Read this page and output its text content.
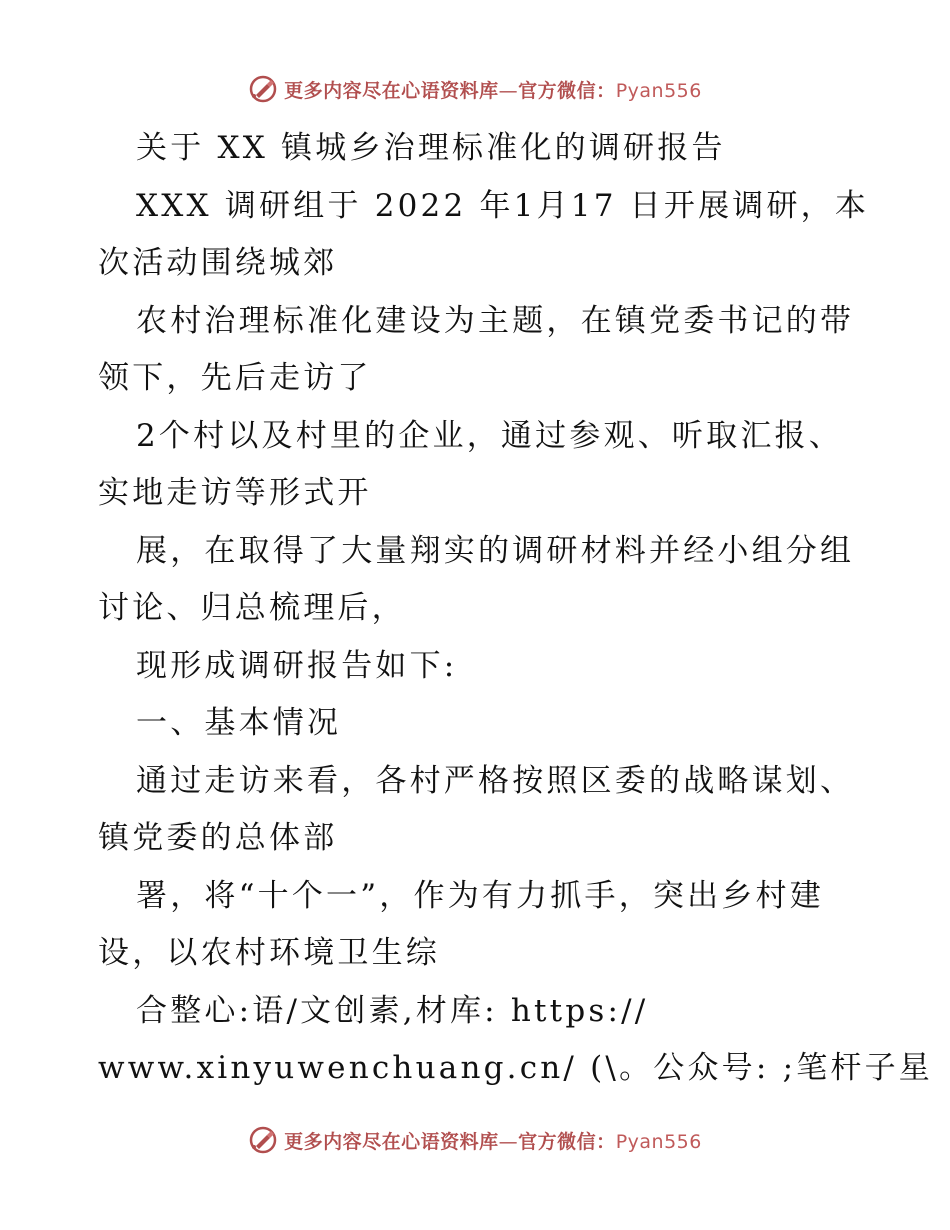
更多内容尽在心语资料库—官方微信：Pyan556
关于 XX 镇城乡治理标准化的调研报告
XXX 调研组于 2022 年1月17 日开展调研，本
次活动围绕城郊
农村治理标准化建设为主题，在镇党委书记的带
领下，先后走访了
2个村以及村里的企业，通过参观、听取汇报、
实地走访等形式开
展，在取得了大量翔实的调研材料并经小组分组
讨论、归总梳理后，
现形成调研报告如下:
一、基本情况
通过走访来看，各村严格按照区委的战略谋划、
镇党委的总体部
署，将“十个一”，作为有力抓手，突出乡村建
设，以农村环境卫生综
合整心:语/文创素,材库: https://
www.xinyuwenchuang.cn/ (\。公众号: ;笔杆子星
更多内容尽在心语资料库—官方微信：Pyan556
